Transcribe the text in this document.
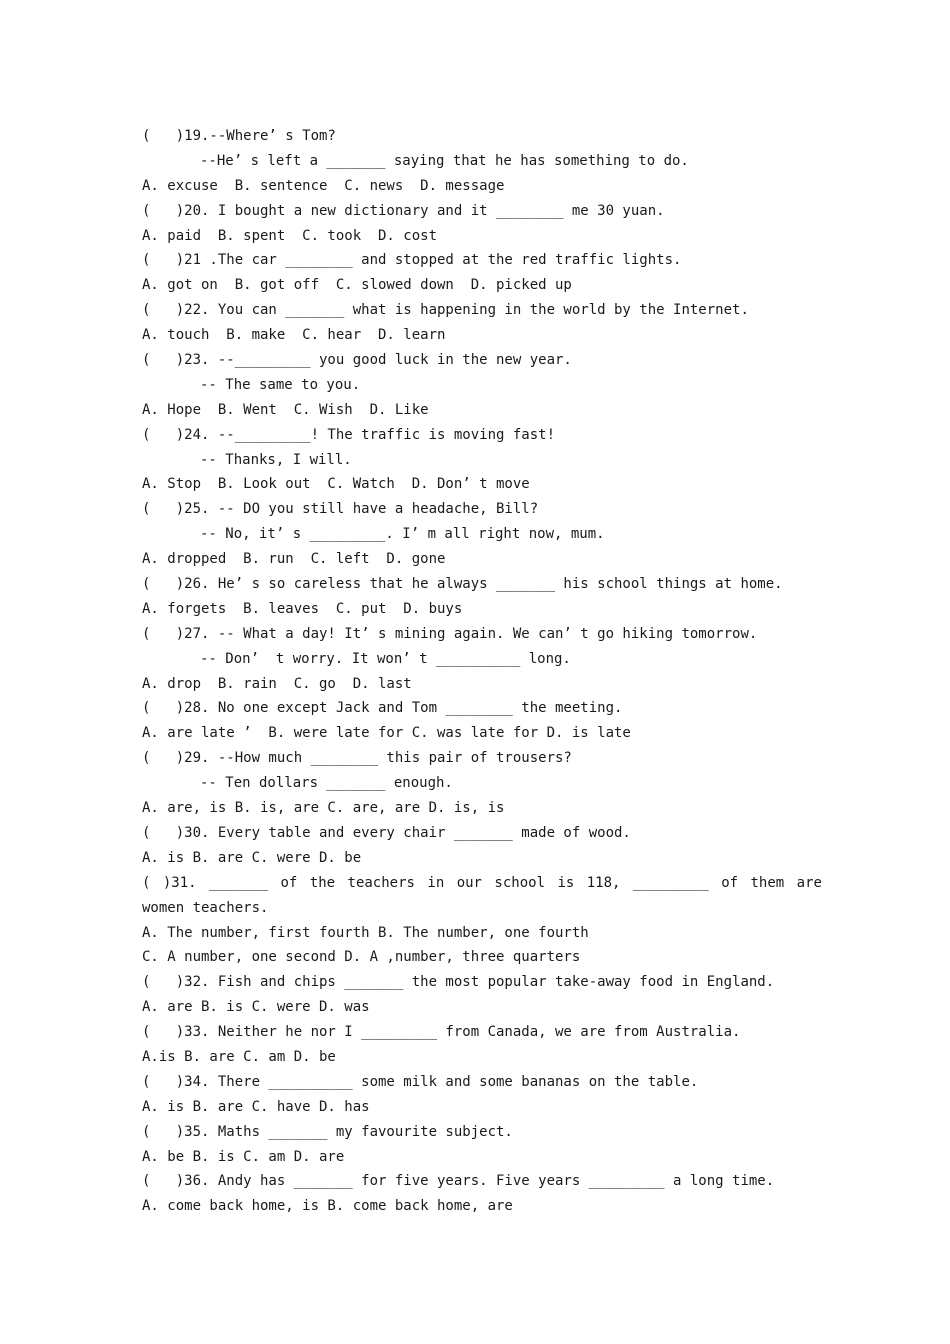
(   )19.--Where’ s Tom?
--He’ s left a _______ saying that he has something to do.
A. excuse  B. sentence  C. news  D. message
(   )20. I bought a new dictionary and it ________ me 30 yuan.
A. paid  B. spent  C. took  D. cost
(   )21 .The car ________ and stopped at the red traffic lights.
A. got on  B. got off  C. slowed down  D. picked up
(   )22. You can _______ what is happening in the world by the Internet.
A. touch  B. make  C. hear  D. learn
(   )23. --_________ you good luck in the new year.
-- The same to you.
A. Hope  B. Went  C. Wish  D. Like
(   )24. --_________! The traffic is moving fast!
-- Thanks, I will.
A. Stop  B. Look out  C. Watch  D. Don’ t move
(   )25. -- DO you still have a headache, Bill?
-- No, it’ s _________. I’ m all right now, mum.
A. dropped  B. run  C. left  D. gone
(   )26. He’ s so careless that he always _______ his school things at home.
A. forgets  B. leaves  C. put  D. buys
(   )27. -- What a day! It’ s mining again. We can’ t go hiking tomorrow.
-- Don’  t worry. It won’ t __________ long.
A. drop  B. rain  C. go  D. last
(   )28. No one except Jack and Tom ________ the meeting.
A. are late ’  B. were late for C. was late for D. is late
(   )29. --How much ________ this pair of trousers?
-- Ten dollars _______ enough.
A. are, is B. is, are C. are, are D. is, is
(   )30. Every table and every chair _______ made of wood.
A. is B. are C. were D. be
( )31. _______ of the teachers in our school is 118, _________ of them are
women teachers.
A. The number, first fourth B. The number, one fourth
C. A number, one second D. A ,number, three quarters
(   )32. Fish and chips _______ the most popular take-away food in England.
A. are B. is C. were D. was
(   )33. Neither he nor I _________ from Canada, we are from Australia.
A.is B. are C. am D. be
(   )34. There __________ some milk and some bananas on the table.
A. is B. are C. have D. has
(   )35. Maths _______ my favourite subject.
A. be B. is C. am D. are
(   )36. Andy has _______ for five years. Five years _________ a long time.
A. come back home, is B. come back home, are
